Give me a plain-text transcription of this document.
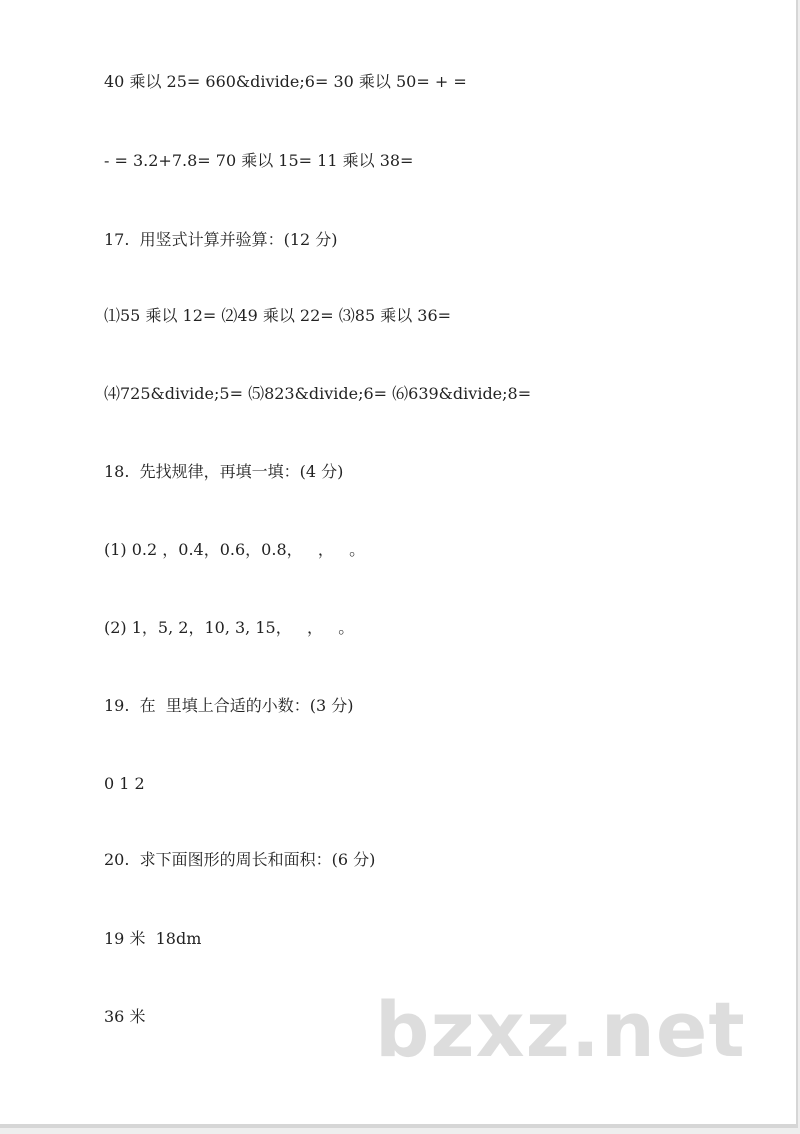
40 乘以 25= 660&divide;6= 30 乘以 50= + =
- = 3.2+7.8= 70 乘以 15= 11 乘以 38=
17.  用竖式计算并验算：(12 分)
⑴55 乘以 12= ⑵49 乘以 22= ⑶85 乘以 36=
⑷725&divide;5= ⑸823&divide;6= ⑹639&divide;8=
18.  先找规律，再填一填：(4 分)
(1) 0.2 ，0.4，0.6，0.8，   ，   。
(2) 1，5, 2，10, 3, 15，   ，   。
19.  在  里填上合适的小数：(3 分)
0 1 2
20.  求下面图形的周长和面积：(6 分)
19 米  18dm
36 米	bzxz.net
